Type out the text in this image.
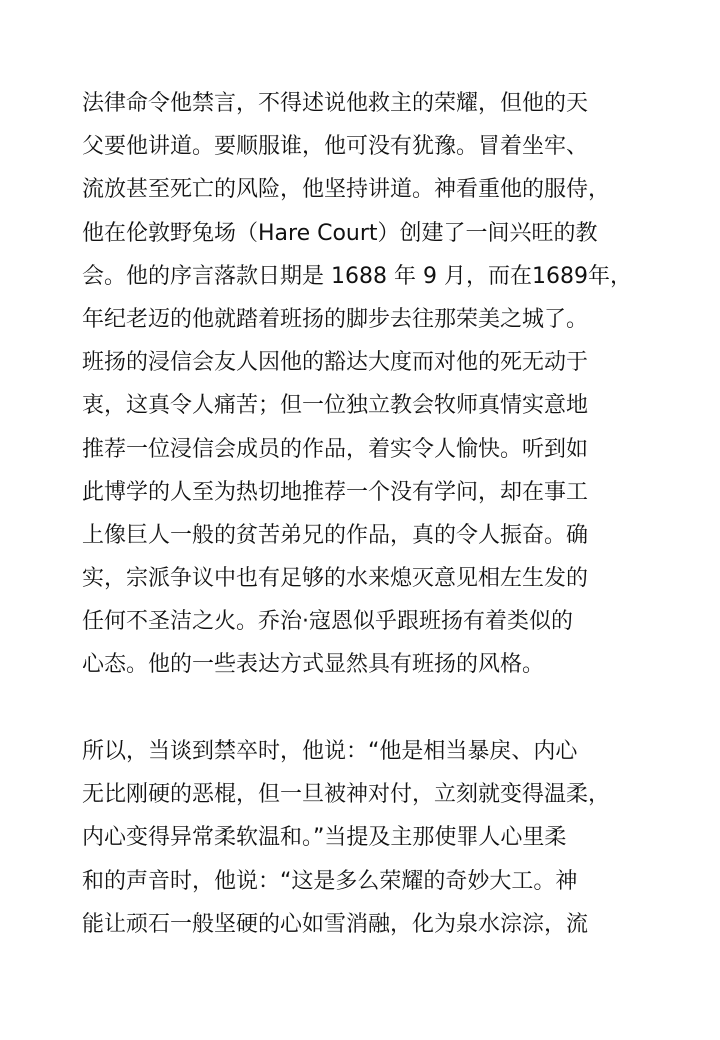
法律命令他禁言，不得述说他救主的荣耀，但他的天
父要他讲道。要顺服谁，他可没有犹豫。冒着坐牢、
流放甚至死亡的风险，他坚持讲道。神看重他的服侍，
他在伦敦野兔场（Hare Court）创建了一间兴旺的教
会。他的序言落款日期是 1688 年 9 月，而在1689年，
年纪老迈的他就踏着班扬的脚步去往那荣美之城了。
班扬的浸信会友人因他的豁达大度而对他的死无动于
衷，这真令人痛苦；但一位独立教会牧师真情实意地
推荐一位浸信会成员的作品，着实令人愉快。听到如
此博学的人至为热切地推荐一个没有学问，却在事工
上像巨人一般的贫苦弟兄的作品，真的令人振奋。确
实，宗派争议中也有足够的水来熄灭意见相左生发的
任何不圣洁之火。乔治·寇恩似乎跟班扬有着类似的
心态。他的一些表达方式显然具有班扬的风格。
所以，当谈到禁卒时，他说：“他是相当暴戾、内心
无比刚硬的恶棍，但一旦被神对付，立刻就变得温柔，
内心变得异常柔软温和。”当提及主那使罪人心里柔
和的声音时，他说：“这是多么荣耀的奇妙大工。神
能让顽石一般坚硬的心如雪消融，化为泉水淙淙，流
